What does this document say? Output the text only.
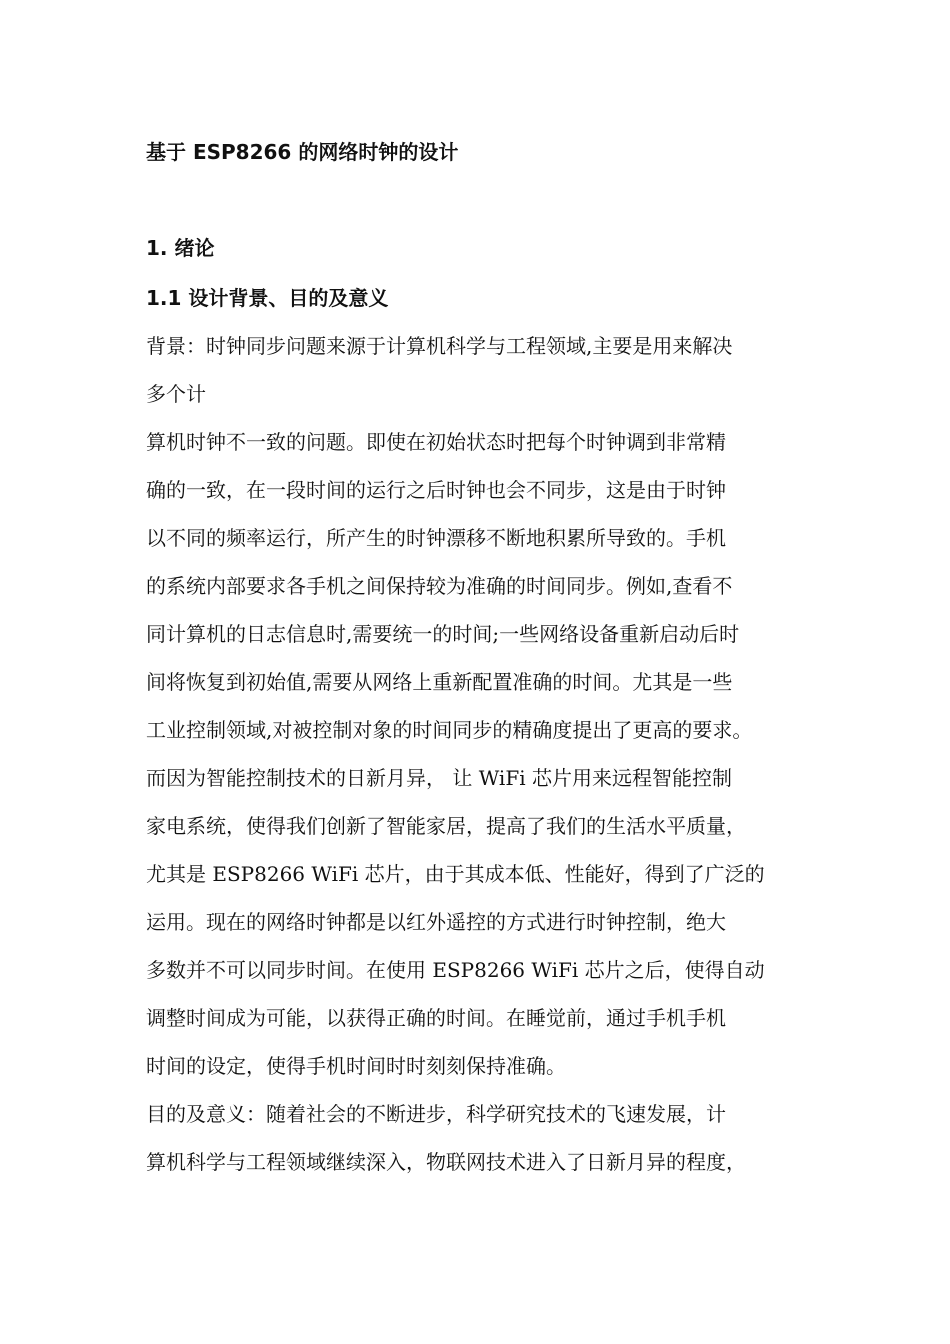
基于 ESP8266 的网络时钟的设计
1. 绪论
1.1 设计背景、目的及意义
背景：时钟同步问题来源于计算机科学与工程领域,主要是用来解决
多个计
算机时钟不一致的问题。即使在初始状态时把每个时钟调到非常精
确的一致，在一段时间的运行之后时钟也会不同步，这是由于时钟
以不同的频率运行，所产生的时钟漂移不断地积累所导致的。手机
的系统内部要求各手机之间保持较为准确的时间同步。例如,查看不
同计算机的日志信息时,需要统一的时间;一些网络设备重新启动后时
间将恢复到初始值,需要从网络上重新配置准确的时间。尤其是一些
工业控制领域,对被控制对象的时间同步的精确度提出了更高的要求。
而因为智能控制技术的日新月异， 让 WiFi 芯片用来远程智能控制
家电系统，使得我们创新了智能家居，提高了我们的生活水平质量，
尤其是 ESP8266 WiFi 芯片，由于其成本低、性能好，得到了广泛的
运用。现在的网络时钟都是以红外遥控的方式进行时钟控制，绝大
多数并不可以同步时间。在使用 ESP8266 WiFi 芯片之后，使得自动
调整时间成为可能，以获得正确的时间。在睡觉前，通过手机手机
时间的设定，使得手机时间时时刻刻保持准确。
目的及意义：随着社会的不断进步，科学研究技术的飞速发展，计
算机科学与工程领域继续深入，物联网技术进入了日新月异的程度，
